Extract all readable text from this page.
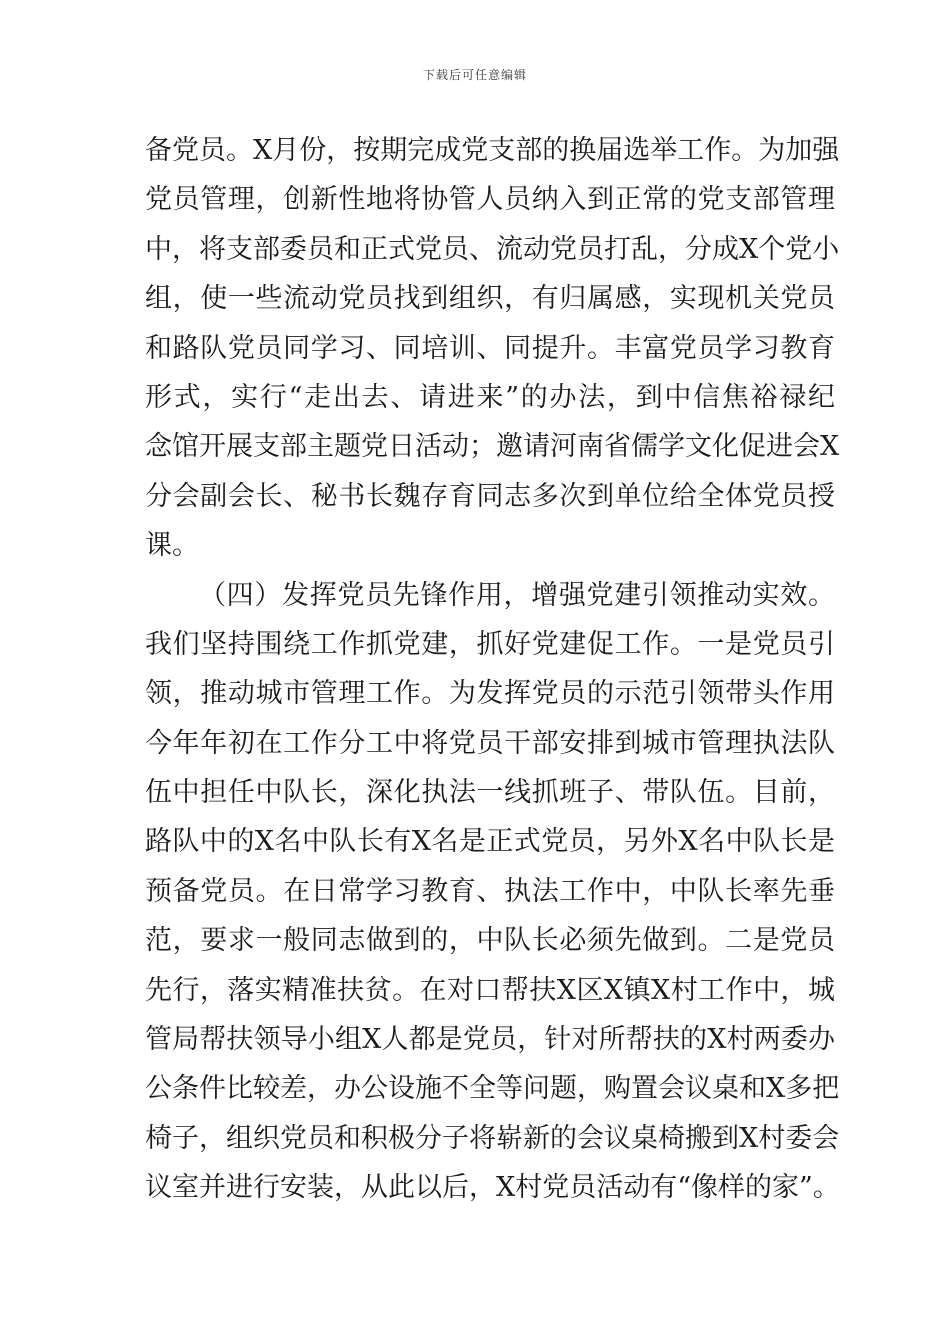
下载后可任意编辑
备党员。X月份，按期完成党支部的换届选举工作。为加强
党员管理，创新性地将协管人员纳入到正常的党支部管理
中，将支部委员和正式党员、流动党员打乱，分成X个党小
组，使一些流动党员找到组织，有归属感，实现机关党员
和路队党员同学习、同培训、同提升。丰富党员学习教育
形式，实行“走出去、请进来”的办法，到中信焦裕禄纪
念馆开展支部主题党日活动；邀请河南省儒学文化促进会X
分会副会长、秘书长魏存育同志多次到单位给全体党员授
课。
（四）发挥党员先锋作用，增强党建引领推动实效。
我们坚持围绕工作抓党建，抓好党建促工作。一是党员引
领，推动城市管理工作。为发挥党员的示范引领带头作用
今年年初在工作分工中将党员干部安排到城市管理执法队
伍中担任中队长，深化执法一线抓班子、带队伍。目前，
路队中的X名中队长有X名是正式党员，另外X名中队长是
预备党员。在日常学习教育、执法工作中，中队长率先垂
范，要求一般同志做到的，中队长必须先做到。二是党员
先行，落实精准扶贫。在对口帮扶X区X镇X村工作中，城
管局帮扶领导小组X人都是党员，针对所帮扶的X村两委办
公条件比较差，办公设施不全等问题，购置会议桌和X多把
椅子，组织党员和积极分子将崭新的会议桌椅搬到X村委会
议室并进行安装，从此以后，X村党员活动有“像样的家”。
